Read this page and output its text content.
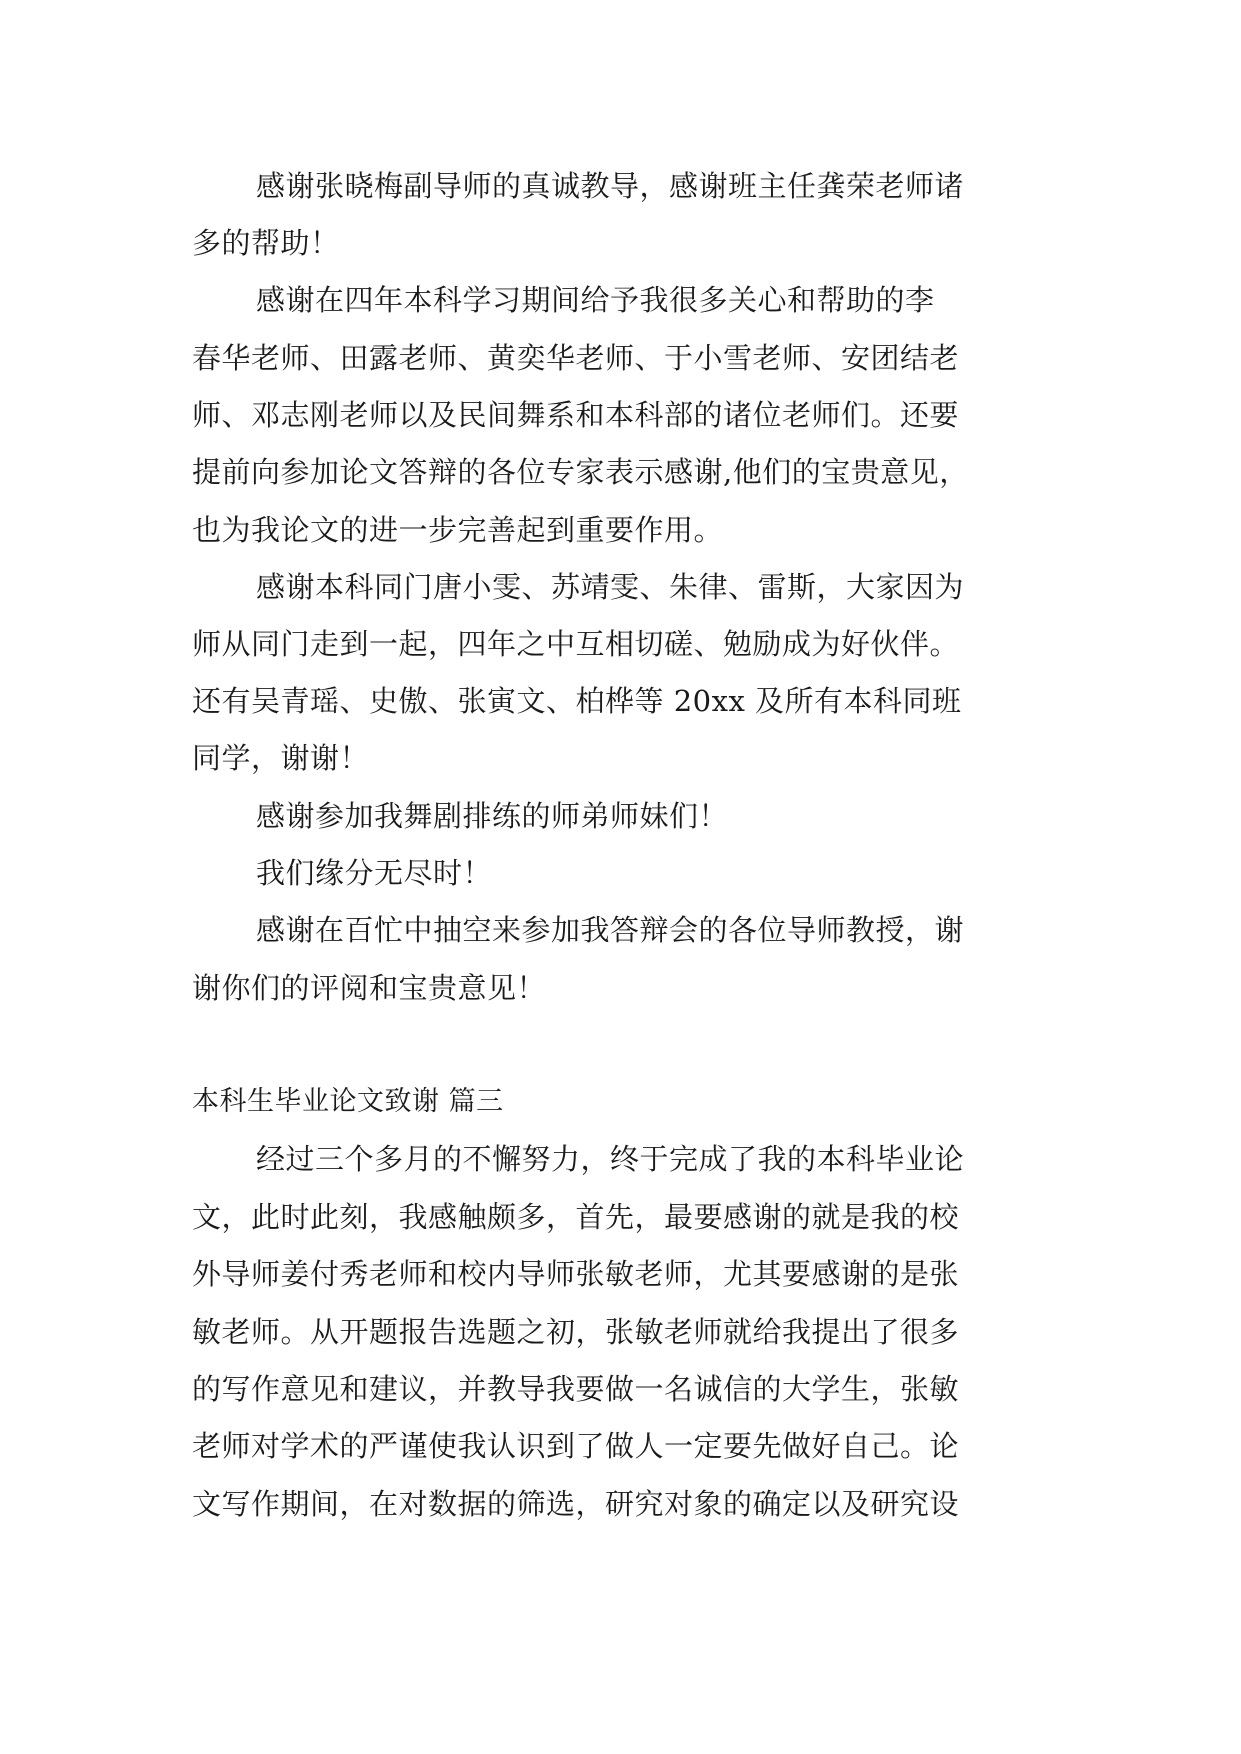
感谢张晓梅副导师的真诚教导，感谢班主任龚荣老师诸
多的帮助！
感谢在四年本科学习期间给予我很多关心和帮助的李
春华老师、田露老师、黄奕华老师、于小雪老师、安团结老
师、邓志刚老师以及民间舞系和本科部的诸位老师们。还要
提前向参加论文答辩的各位专家表示感谢,他们的宝贵意见，
也为我论文的进一步完善起到重要作用。
感谢本科同门唐小雯、苏靖雯、朱律、雷斯，大家因为
师从同门走到一起，四年之中互相切磋、勉励成为好伙伴。
还有吴青瑶、史傲、张寅文、柏桦等 20xx 及所有本科同班
同学，谢谢！
感谢参加我舞剧排练的师弟师妹们！
我们缘分无尽时！
感谢在百忙中抽空来参加我答辩会的各位导师教授，谢
谢你们的评阅和宝贵意见！
本科生毕业论文致谢 篇三
经过三个多月的不懈努力，终于完成了我的本科毕业论
文，此时此刻，我感触颇多，首先，最要感谢的就是我的校
外导师姜付秀老师和校内导师张敏老师，尤其要感谢的是张
敏老师。从开题报告选题之初，张敏老师就给我提出了很多
的写作意见和建议，并教导我要做一名诚信的大学生，张敏
老师对学术的严谨使我认识到了做人一定要先做好自己。论
文写作期间，在对数据的筛选，研究对象的确定以及研究设
